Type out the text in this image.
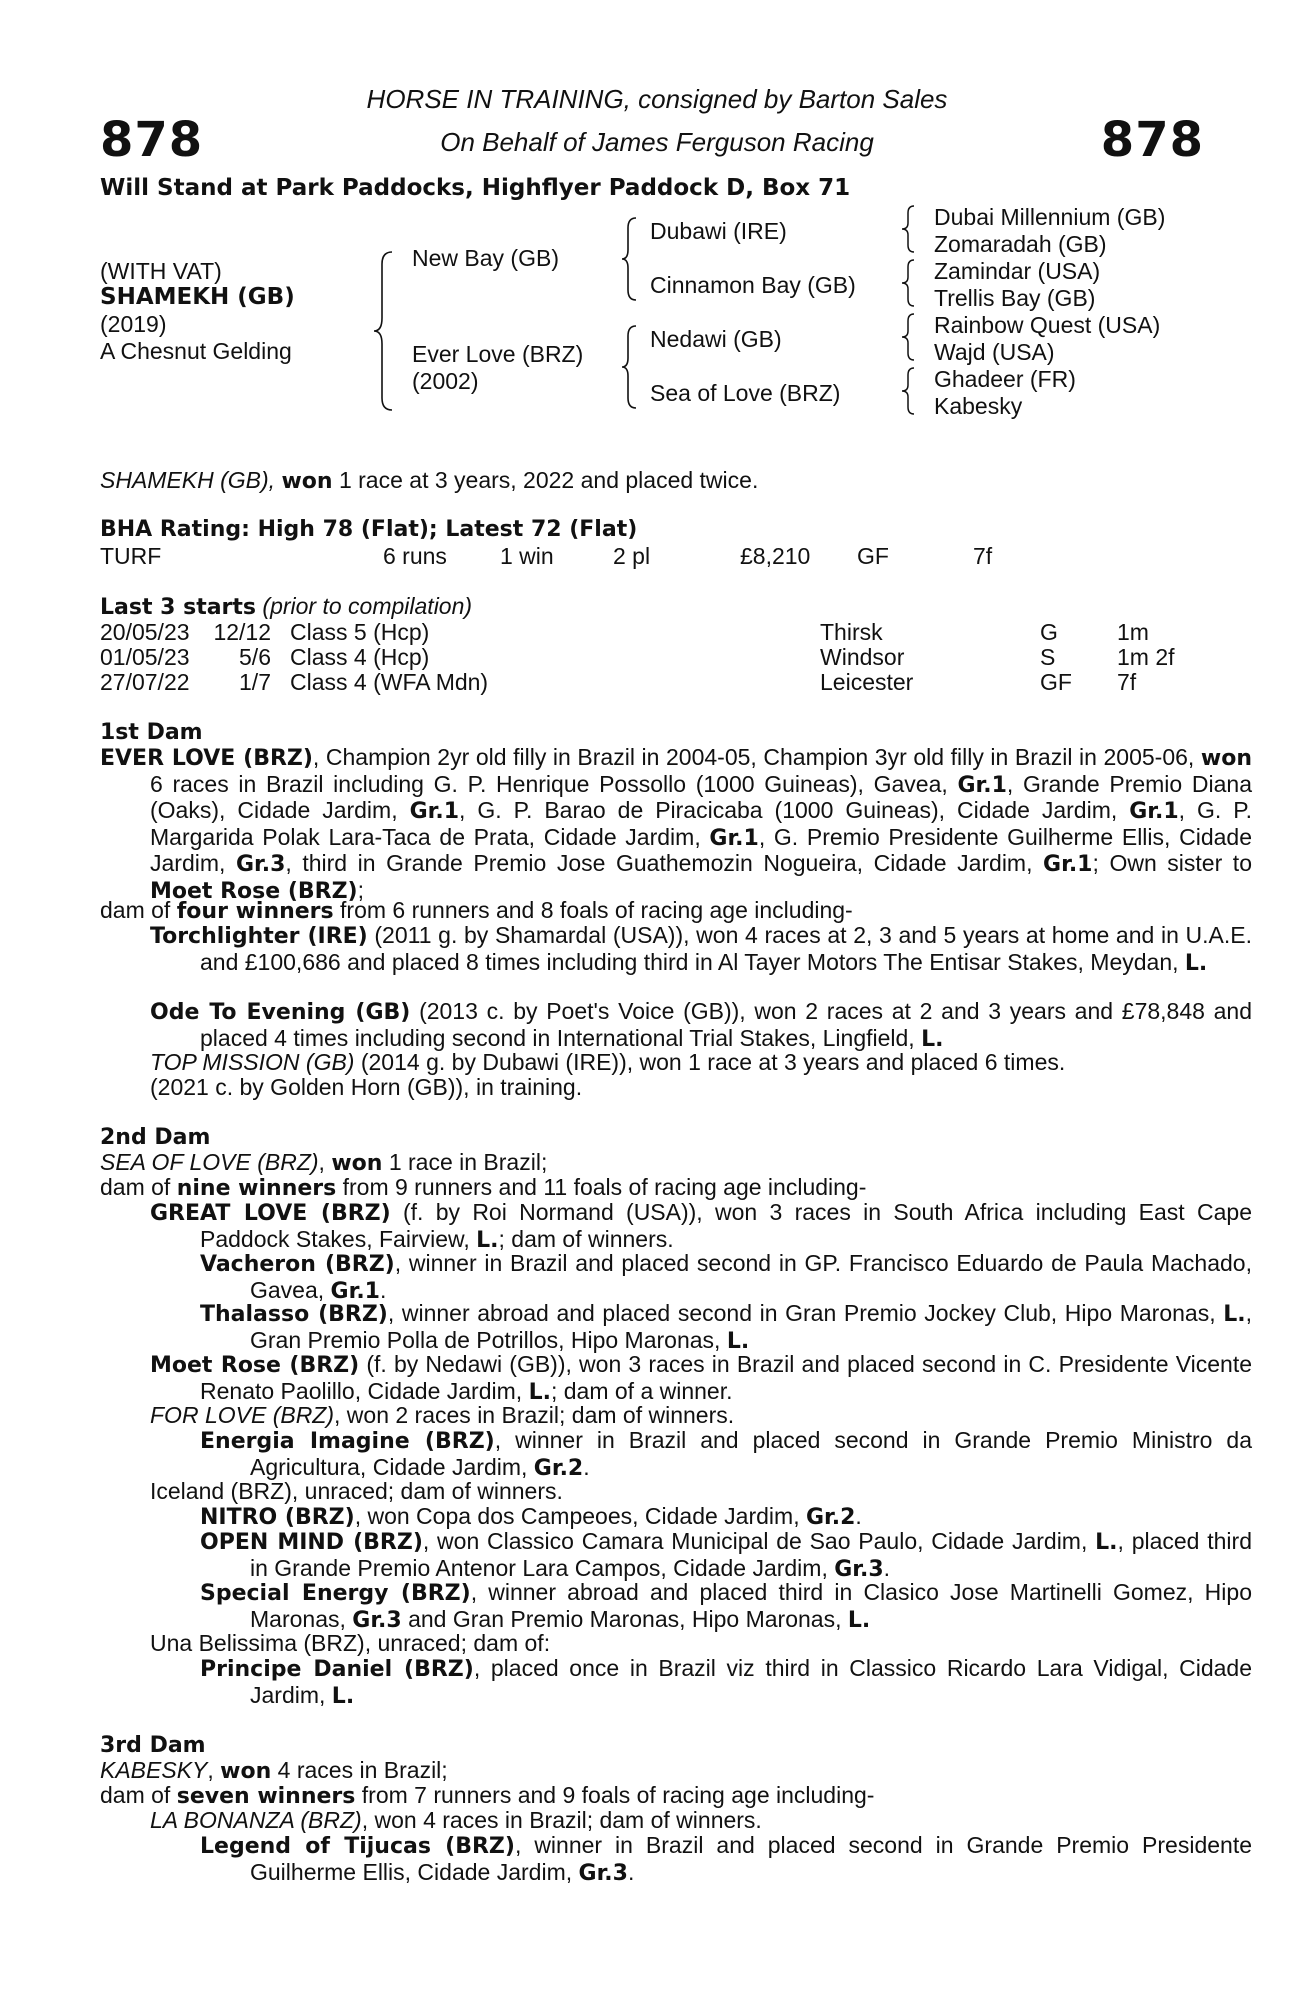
878	878
HORSE IN TRAINING, consigned by Barton Sales
On Behalf of James Ferguson Racing
Will Stand at Park Paddocks, Highflyer Paddock D, Box 71
(WITH VAT)
SHAMEKH (GB)
(2019)
A Chesnut Gelding
New Bay (GB)
Ever Love (BRZ)
(2002)
Dubawi (IRE)
Cinnamon Bay (GB)
Nedawi (GB)
Sea of Love (BRZ)
Dubai Millennium (GB)
Zomaradah (GB)
Zamindar (USA)
Trellis Bay (GB)
Rainbow Quest (USA)
Wajd (USA)
Ghadeer (FR)
Kabesky
SHAMEKH (GB), won 1 race at 3 years, 2022 and placed twice.
BHA Rating: High 78 (Flat); Latest 72 (Flat)
TURF	6 runs 1 win	2 pl	£8,210 GF	7f
Last 3 starts (prior to compilation)
20/05/23 12/12 Class 5 (Hcp)	Thirsk	G	1m
01/05/23	5/6 Class 4 (Hcp)	Windsor	S	1m 2f
27/07/22	1/7 Class 4 (WFA Mdn)	Leicester	GF 7f
1st Dam
EVER LOVE (BRZ), Champion 2yr old filly in Brazil in 2004-05, Champion 3yr old filly in Brazil in 2005-06, won 6 races in Brazil including G. P. Henrique Possollo (1000 Guineas), Gavea, Gr.1, Grande Premio Diana (Oaks), Cidade Jardim, Gr.1, G. P. Barao de Piracicaba (1000 Guineas), Cidade Jardim, Gr.1, G. P. Margarida Polak Lara-Taca de Prata, Cidade Jardim, Gr.1, G. Premio Presidente Guilherme Ellis, Cidade Jardim, Gr.3, third in Grande Premio Jose Guathemozin Nogueira, Cidade Jardim, Gr.1; Own sister to Moet Rose (BRZ);
dam of four winners from 6 runners and 8 foals of racing age including-
Torchlighter (IRE) (2011 g. by Shamardal (USA)), won 4 races at 2, 3 and 5 years at home and in U.A.E. and £100,686 and placed 8 times including third in Al Tayer Motors The Entisar Stakes, Meydan, L.
Ode To Evening (GB) (2013 c. by Poet's Voice (GB)), won 2 races at 2 and 3 years and £78,848 and placed 4 times including second in International Trial Stakes, Lingfield, L.
TOP MISSION (GB) (2014 g. by Dubawi (IRE)), won 1 race at 3 years and placed 6 times.
(2021 c. by Golden Horn (GB)), in training.
2nd Dam
SEA OF LOVE (BRZ), won 1 race in Brazil;
dam of nine winners from 9 runners and 11 foals of racing age including-
GREAT LOVE (BRZ) (f. by Roi Normand (USA)), won 3 races in South Africa including East Cape Paddock Stakes, Fairview, L.; dam of winners.
Vacheron (BRZ), winner in Brazil and placed second in GP. Francisco Eduardo de Paula Machado, Gavea, Gr.1.
Thalasso (BRZ), winner abroad and placed second in Gran Premio Jockey Club, Hipo Maronas, L., Gran Premio Polla de Potrillos, Hipo Maronas, L.
Moet Rose (BRZ) (f. by Nedawi (GB)), won 3 races in Brazil and placed second in C. Presidente Vicente Renato Paolillo, Cidade Jardim, L.; dam of a winner.
FOR LOVE (BRZ), won 2 races in Brazil; dam of winners.
Energia Imagine (BRZ), winner in Brazil and placed second in Grande Premio Ministro da Agricultura, Cidade Jardim, Gr.2.
Iceland (BRZ), unraced; dam of winners.
NITRO (BRZ), won Copa dos Campeoes, Cidade Jardim, Gr.2.
OPEN MIND (BRZ), won Classico Camara Municipal de Sao Paulo, Cidade Jardim, L., placed third in Grande Premio Antenor Lara Campos, Cidade Jardim, Gr.3.
Special Energy (BRZ), winner abroad and placed third in Clasico Jose Martinelli Gomez, Hipo Maronas, Gr.3 and Gran Premio Maronas, Hipo Maronas, L.
Una Belissima (BRZ), unraced; dam of:
Principe Daniel (BRZ), placed once in Brazil viz third in Classico Ricardo Lara Vidigal, Cidade Jardim, L.
3rd Dam
KABESKY, won 4 races in Brazil;
dam of seven winners from 7 runners and 9 foals of racing age including-
LA BONANZA (BRZ), won 4 races in Brazil; dam of winners.
Legend of Tijucas (BRZ), winner in Brazil and placed second in Grande Premio Presidente Guilherme Ellis, Cidade Jardim, Gr.3.
